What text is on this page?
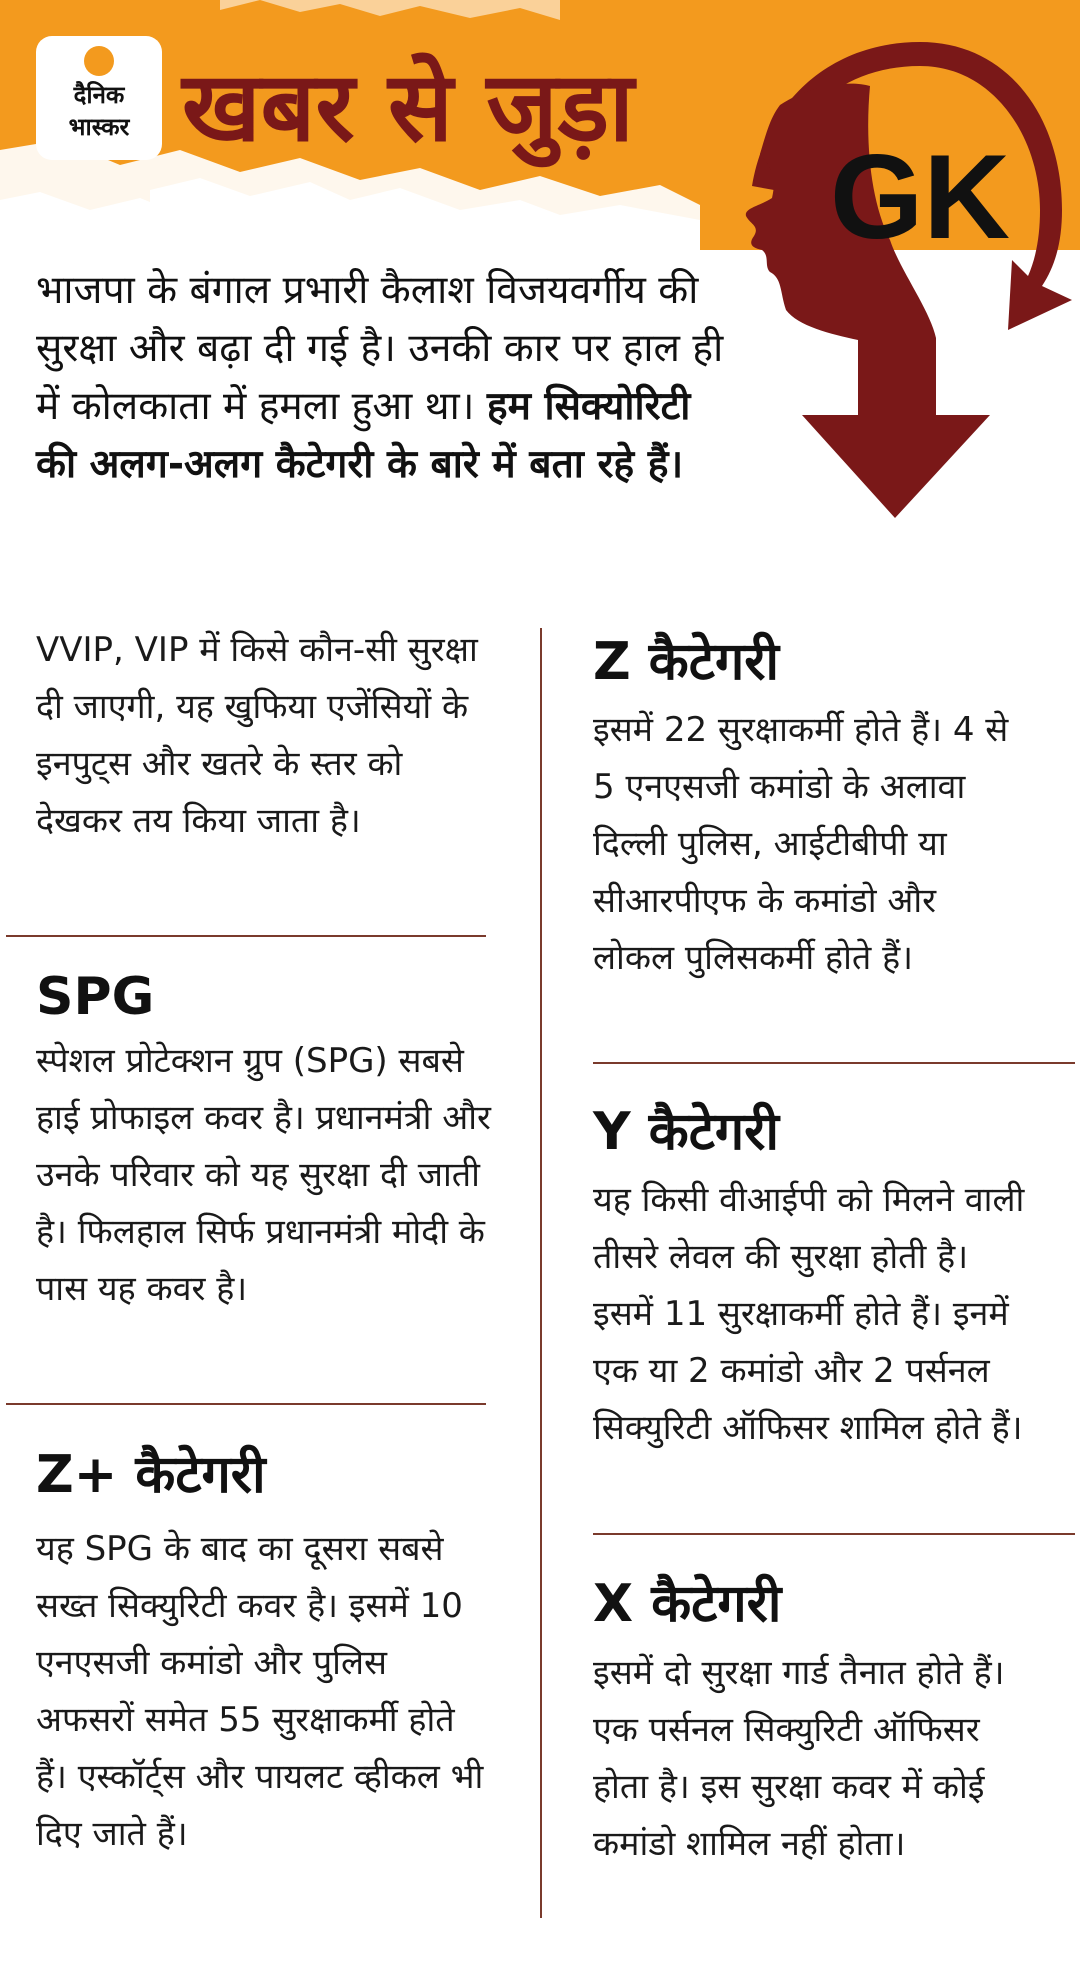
दैनिक
भास्कर खबर से जुड़ा
GK
भाजपा के बंगाल प्रभारी कैलाश विजयवर्गीय की सुरक्षा और बढ़ा दी गई है। उनकी कार पर हाल ही में कोलकाता में हमला हुआ था। हम सिक्योरिटी की अलग-अलग कैटेगरी के बारे में बता रहे हैं।
VVIP, VIP में किसे कौन-सी सुरक्षा दी जाएगी, यह खुफिया एजेंसियों के इनपुट्स और खतरे के स्तर को देखकर तय किया जाता है।
SPG
स्पेशल प्रोटेक्शन ग्रुप (SPG) सबसे हाई प्रोफाइल कवर है। प्रधानमंत्री और उनके परिवार को यह सुरक्षा दी जाती है। फिलहाल सिर्फ प्रधानमंत्री मोदी के पास यह कवर है।
Z+ कैटेगरी
यह SPG के बाद का दूसरा सबसे सख्त सिक्युरिटी कवर है। इसमें 10 एनएसजी कमांडो और पुलिस अफसरों समेत 55 सुरक्षाकर्मी होते हैं। एस्कॉर्ट्स और पायलट व्हीकल भी दिए जाते हैं।
Z कैटेगरी
इसमें 22 सुरक्षाकर्मी होते हैं। 4 से 5 एनएसजी कमांडो के अलावा दिल्ली पुलिस, आईटीबीपी या सीआरपीएफ के कमांडो और लोकल पुलिसकर्मी होते हैं।
Y कैटेगरी
यह किसी वीआईपी को मिलने वाली तीसरे लेवल की सुरक्षा होती है। इसमें 11 सुरक्षाकर्मी होते हैं। इनमें एक या 2 कमांडो और 2 पर्सनल सिक्युरिटी ऑफिसर शामिल होते हैं।
X कैटेगरी
इसमें दो सुरक्षा गार्ड तैनात होते हैं। एक पर्सनल सिक्युरिटी ऑफिसर होता है। इस सुरक्षा कवर में कोई कमांडो शामिल नहीं होता।
